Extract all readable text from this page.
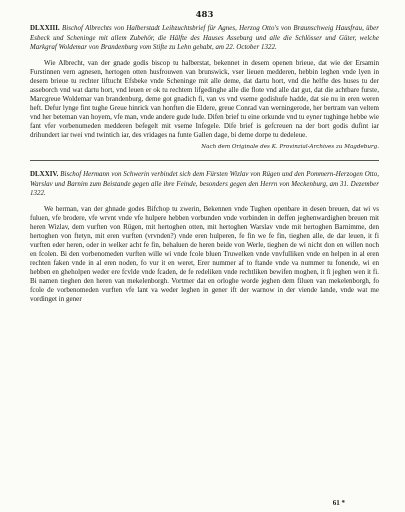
483
DLXXIII. Bischof Albrechts von Halberstadt Leibzuchtsbrief für Agnes, Herzog Otto's von Braunschweig Hausfrau, über Esbeck und Scheninge mit allem Zubehör, die Hälfte des Hauses Asseburg und alle die Schlösser und Güter, welche Markgraf Woldemar von Brandenburg vom Stifte zu Lehn gehabt, am 22. October 1322.

Wie Albrecht, van der gnade godis biscop tu halberstat, bekennet in desem openen brieue, dat wie der Ersamin Furstinnen vern agnesen, hertogen otten husfrouwen van brunswick, vser lieuen medderen, hebbin leghen vnde lyen in desem brieue tu rechter liftucht Efsbeke vnde Scheninge mit alle deme, dat dartu hort, vnd die helfte des huses tu der asseborch vnd wat dartu hort, vnd leuen er ok tu rechtem lifgedinghe alle die flote vnd alle dat gut, dat die achtbare furste, Marcgreue Woldemar van brandenburg, deme got gnadich fi, van vs vnd vseme godishufe hadde, dat sie nu in eren weren heft. Defur lynge fint tughe Greue hinrick van honften die Eldere, greue Conrad van werningerode, her bertram van veltem vnd her beteman van hoyem, vfe man, vnde andere gude lude. Difen brief tu eine orkunde vnd tu eyner tughinge hebbe wie fant vfer vorbenumeden medderen befegelt mit vseme Infegele. Dife brief is gefcreuen na der bort godis dufint iar drihundert iar twei vnd twintich iar, des vridages na funte Gallen dage, bi deme dorpe tu dedeleue.

Nach dem Originale des K. Provinzial-Archives zu Magdeburg.
DLXXIV. Bischof Hermann von Schwerin verbindet sich dem Fürsten Wizlav von Rügen und den Pommern-Herzogen Otto, Warslav und Barnim zum Beistande gegen alle ihre Feinde, besonders gegen den Herrn von Meckenburg, am 31. Dezember 1322.

We herman, van der ghnade godes Bifchop tu zwerin, Bekennen vnde Tughen openbare in desen breuen, dat wi vs fuluen, vfe brodere, vfe wrvnt vnde vfe hulpere hebben vorbunden vnde vorbinden in deffen jeghenwardighen breuen mit heren Wizlav, dem vurften von Rügen, mit hertoghen otten, mit hertoghen Warslav vnde mit hertoghen Barnimme, den hertoghen von ftetyn, mit eren vurften (vrvnden?) vnde eren hulperen, fe fin we fe fin, tieghen alle, de dar leuen, it fi vurften eder heren, oder in welker acht fe fin, behaluen de heren beide von Werle, tieghen de wi nicht don en willen noch en fcolen. Bi den vorbenomeden vurften wille wi vnde fcole bluen Truwelken vnde vnvfulliken vnde en helpen in al eren rechten faken vnde in al eren noden, fo vur it en weret, Erer nummer af to ftande vnde va nummer tu fonende, wi en hebben en gheholpen weder ere fcvlde vnde fcaden, de fe redeliken vnde rechtliken bewifen moghen, it fi jeghen wen it fi. Bi namen tieghen den heren van mekelenborgh. Vortmer dat en orloghe worde jeghen dem filuen van mekelenborgh, fo fcole de vorbenomeden vurften vfe lant va weder leghen in gener ift der warnow in der viende lande, vnde wat me vordinget in gener

61 *
